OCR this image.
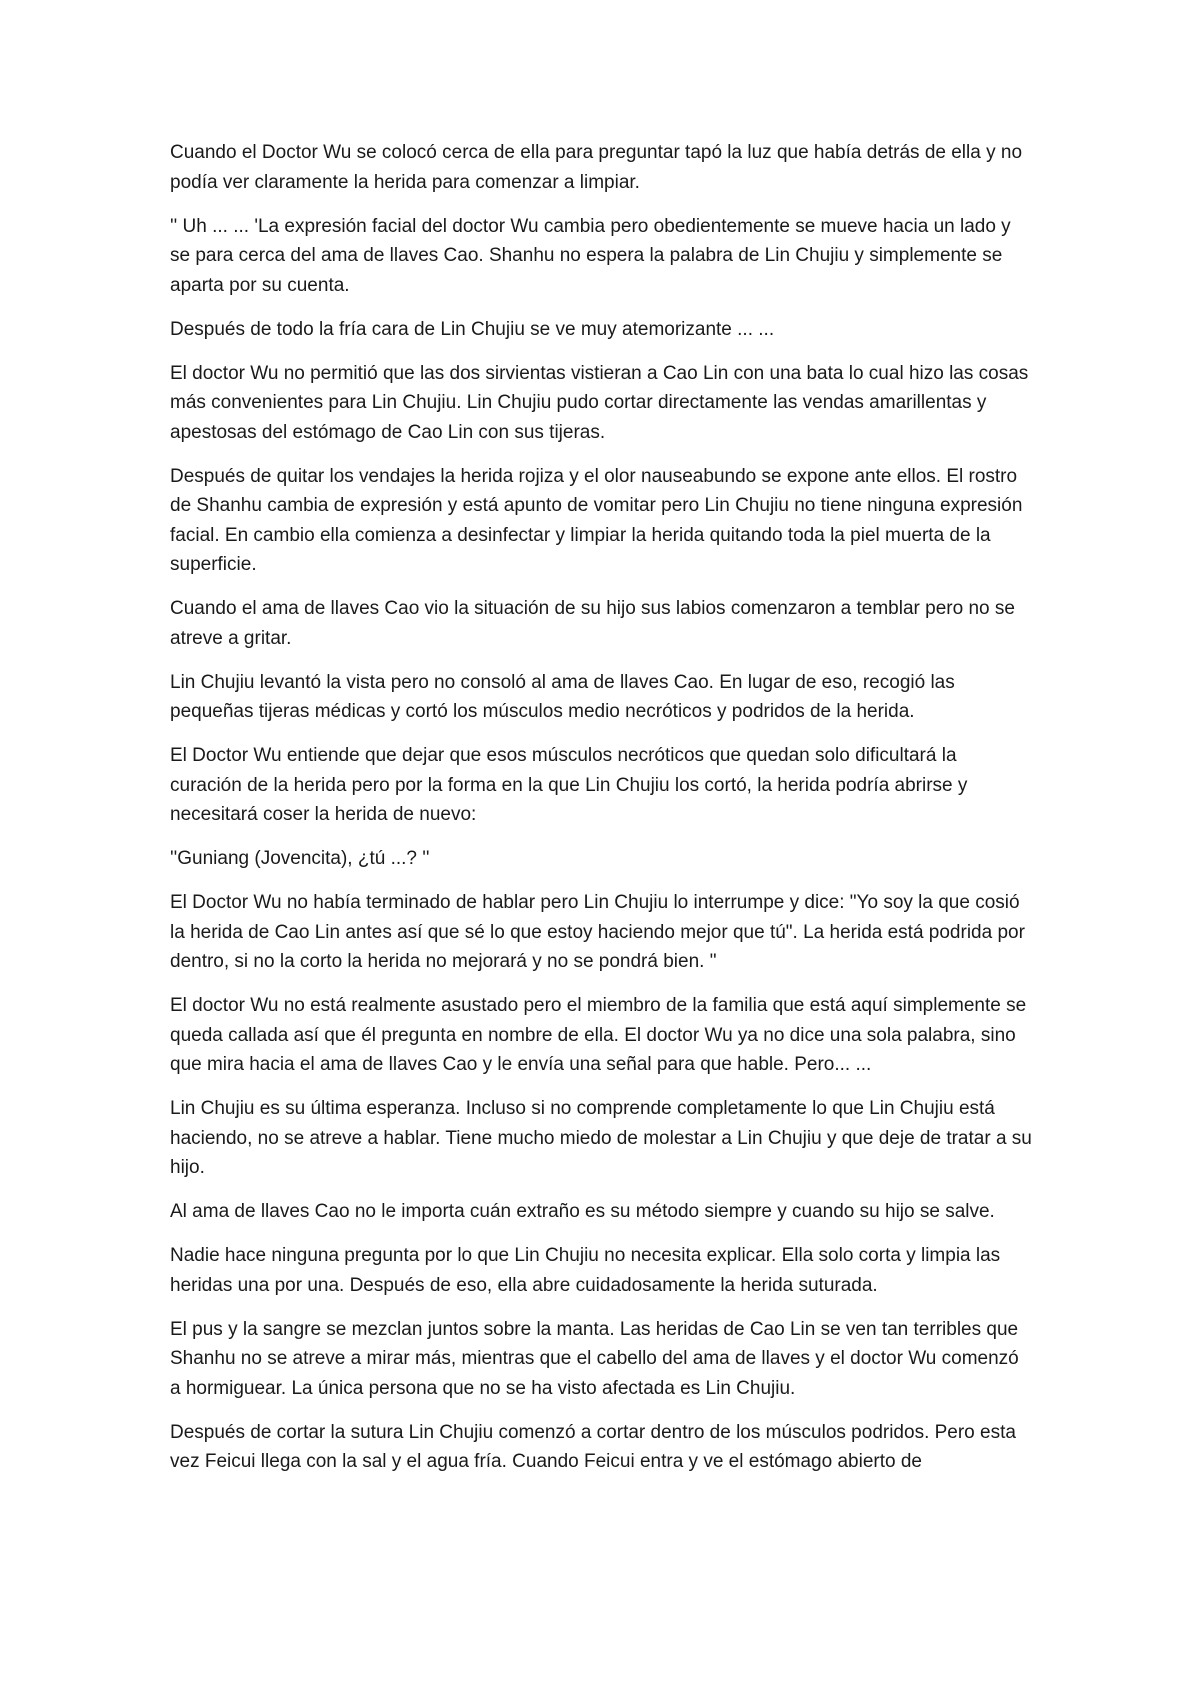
Cuando el Doctor Wu se colocó cerca de ella para preguntar tapó la luz que había detrás de ella y no podía ver claramente la herida para comenzar a limpiar.

'' Uh ... ... 'La expresión facial del doctor Wu cambia pero obedientemente se mueve hacia un lado y se para cerca del ama de llaves Cao. Shanhu no espera la palabra de Lin Chujiu y simplemente se aparta por su cuenta.

Después de todo la fría cara de Lin Chujiu se ve muy atemorizante ... ...

El doctor Wu no permitió que las dos sirvientas vistieran a Cao Lin con una bata lo cual hizo las cosas más convenientes para Lin Chujiu. Lin Chujiu pudo cortar directamente las vendas amarillentas y apestosas del estómago de Cao Lin con sus tijeras.

Después de quitar los vendajes la herida rojiza y el olor nauseabundo se expone ante ellos. El rostro de Shanhu cambia de expresión y está apunto de vomitar pero Lin Chujiu no tiene ninguna expresión facial. En cambio ella comienza a desinfectar y limpiar la herida quitando toda la piel muerta de la superficie.

Cuando el ama de llaves Cao vio la situación de su hijo sus labios comenzaron a temblar pero no se atreve a gritar.

Lin Chujiu levantó la vista pero no consoló al ama de llaves Cao. En lugar de eso, recogió las pequeñas tijeras médicas y cortó los músculos medio necróticos y podridos de la herida.

El Doctor Wu entiende que dejar que esos músculos necróticos que quedan solo dificultará la curación de la herida pero por la forma en la que Lin Chujiu los cortó, la herida podría abrirse y necesitará coser la herida de nuevo:

''Guniang (Jovencita), ¿tú ...? ''

El Doctor Wu no había terminado de hablar pero Lin Chujiu lo interrumpe y dice: "Yo soy la que cosió la herida de Cao Lin antes así que sé lo que estoy haciendo mejor que tú". La herida está podrida por dentro, si no la corto la herida no mejorará y no se pondrá bien. "

El doctor Wu no está realmente asustado pero el miembro de la familia que está aquí simplemente se queda callada así que él pregunta en nombre de ella. El doctor Wu ya no dice una sola palabra, sino que mira hacia el ama de llaves Cao y le envía una señal para que hable. Pero... ...

Lin Chujiu es su última esperanza. Incluso si no comprende completamente lo que Lin Chujiu está haciendo, no se atreve a hablar. Tiene mucho miedo de molestar a Lin Chujiu y que deje de tratar a su hijo.

Al ama de llaves Cao no le importa cuán extraño es su método siempre y cuando su hijo se salve.

Nadie hace ninguna pregunta por lo que Lin Chujiu no necesita explicar. Ella solo corta y limpia las heridas una por una. Después de eso, ella abre cuidadosamente la herida suturada.

El pus y la sangre se mezclan juntos sobre la manta. Las heridas de Cao Lin se ven tan terribles que Shanhu no se atreve a mirar más, mientras que el cabello del ama de llaves y el doctor Wu comenzó a hormiguear. La única persona que no se ha visto afectada es Lin Chujiu.

Después de cortar la sutura Lin Chujiu comenzó a cortar dentro de los músculos podridos. Pero esta vez Feicui llega con la sal y el agua fría. Cuando Feicui entra y ve el estómago abierto de
